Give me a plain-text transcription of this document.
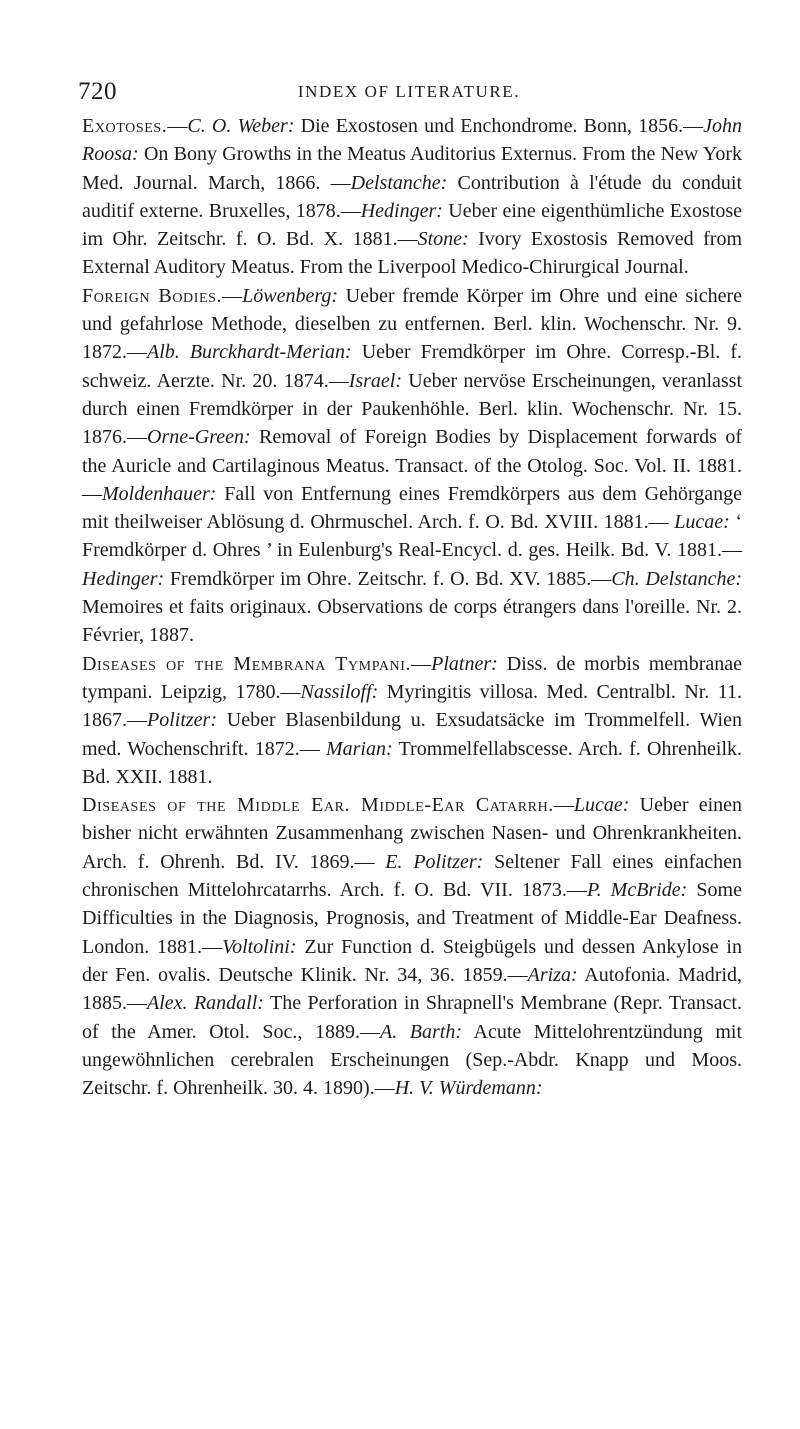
720	INDEX OF LITERATURE.

Exotoses.—C. O. Weber: Die Exostosen und Enchondrome. Bonn, 1856.—John Roosa: On Bony Growths in the Meatus Auditorius Externus. From the New York Med. Journal. March, 1866. —Delstanche: Contribution à l'étude du conduit auditif externe. Bruxelles, 1878.—Hedinger: Ueber eine eigenthümliche Exostose im Ohr. Zeitschr. f. O. Bd. X. 1881.—Stone: Ivory Exostosis Removed from External Auditory Meatus. From the Liverpool Medico-Chirurgical Journal.

Foreign Bodies.—Löwenberg: Ueber fremde Körper im Ohre und eine sichere und gefahrlose Methode, dieselben zu entfernen. Berl. klin. Wochenschr. Nr. 9. 1872.—Alb. Burckhardt-Merian: Ueber Fremdkörper im Ohre. Corresp.-Bl. f. schweiz. Aerzte. Nr. 20. 1874.—Israel: Ueber nervöse Erscheinungen, veranlasst durch einen Fremdkörper in der Paukenhöhle. Berl. klin. Wochenschr. Nr. 15. 1876.—Orne-Green: Removal of Foreign Bodies by Displacement forwards of the Auricle and Cartilaginous Meatus. Transact. of the Otolog. Soc. Vol. II. 1881.—Moldenhauer: Fall von Entfernung eines Fremdkörpers aus dem Gehörgange mit theilweiser Ablösung d. Ohrmuschel. Arch. f. O. Bd. XVIII. 1881.— Lucae: ‘ Fremdkörper d. Ohres ’ in Eulenburg's Real-Encycl. d. ges. Heilk. Bd. V. 1881.—Hedinger: Fremdkörper im Ohre. Zeitschr. f. O. Bd. XV. 1885.—Ch. Delstanche: Memoires et faits originaux. Observations de corps étrangers dans l'oreille. Nr. 2. Février, 1887.

Diseases of the Membrana Tympani.—Platner: Diss. de morbis membranae tympani. Leipzig, 1780.—Nassiloff: Myringitis villosa. Med. Centralbl. Nr. 11. 1867.—Politzer: Ueber Blasenbildung u. Exsudatsäcke im Trommelfell. Wien med. Wochenschrift. 1872.— Marian: Trommelfellabscesse. Arch. f. Ohrenheilk. Bd. XXII. 1881.

Diseases of the Middle Ear. Middle-Ear Catarrh.—Lucae: Ueber einen bisher nicht erwähnten Zusammenhang zwischen Nasen- und Ohrenkrankheiten. Arch. f. Ohrenh. Bd. IV. 1869.— E. Politzer: Seltener Fall eines einfachen chronischen Mittelohrcatarrhs. Arch. f. O. Bd. VII. 1873.—P. McBride: Some Difficulties in the Diagnosis, Prognosis, and Treatment of Middle-Ear Deafness. London. 1881.—Voltolini: Zur Function d. Steigbügels und dessen Ankylose in der Fen. ovalis. Deutsche Klinik. Nr. 34, 36. 1859.—Ariza: Autofonia. Madrid, 1885.—Alex. Randall: The Perforation in Shrapnell's Membrane (Repr. Transact. of the Amer. Otol. Soc., 1889.—A. Barth: Acute Mittelohrentzündung mit ungewöhnlichen cerebralen Erscheinungen (Sep.-Abdr. Knapp und Moos. Zeitschr. f. Ohrenheilk. 30. 4. 1890).—H. V. Würdemann:
